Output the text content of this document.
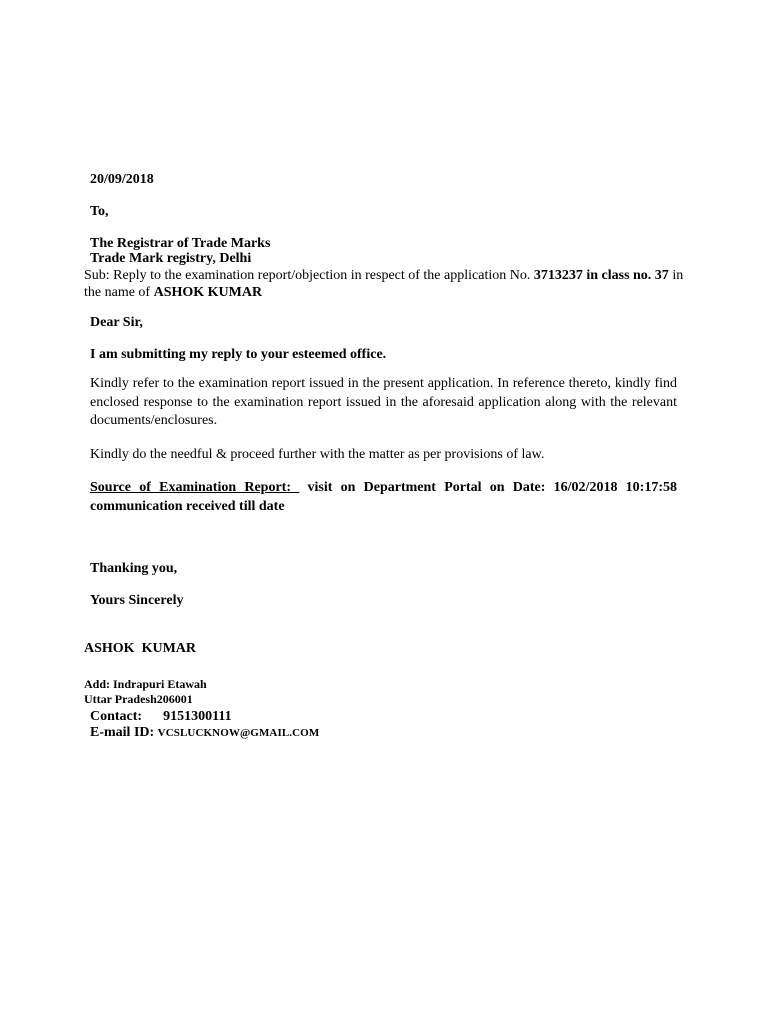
20/09/2018

To,

The Registrar of Trade Marks

Trade Mark registry, Delhi

Sub: Reply to the examination report/objection in respect of the application No. 3713237 in class no. 37 in
the name of ASHOK KUMAR

Dear Sir,

I am submitting my reply to your esteemed office.

Kindly refer to the examination report issued in the present application. In reference thereto, kindly find enclosed response to the examination report issued in the aforesaid application along with the relevant documents/enclosures.

Kindly do the needful & proceed further with the matter as per provisions of law.

Source of Examination Report: visit on Department Portal on Date: 16/02/2018 10:17:58 communication received till date

Thanking you,

Yours Sincerely

ASHOK  KUMAR

Add: Indrapuri Etawah

Uttar Pradesh206001

Contact: 9151300111
E-mail ID: VCSLUCKNOW@GMAIL.COM
